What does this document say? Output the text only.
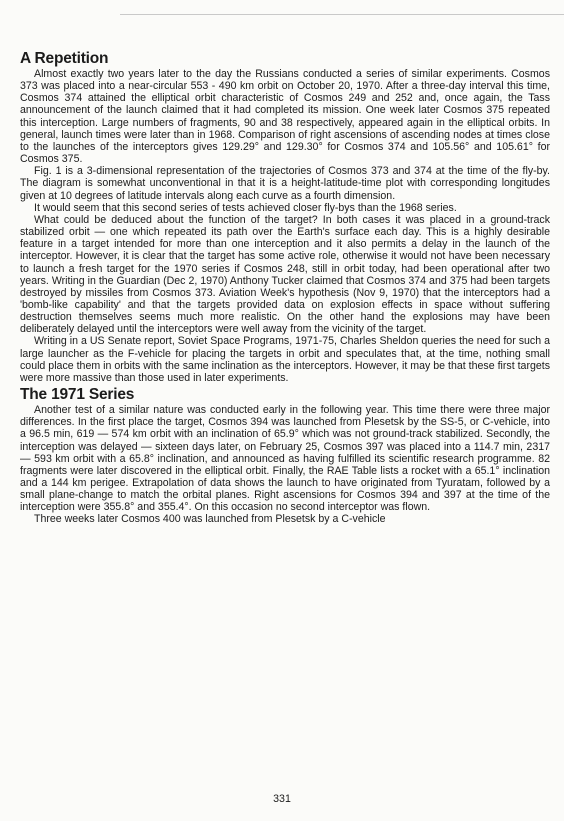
A Repetition

Almost exactly two years later to the day the Russians conducted a series of similar experiments. Cosmos 373 was placed into a near-circular 553 - 490 km orbit on October 20, 1970. After a three-day interval this time, Cosmos 374 attained the elliptical orbit characteristic of Cosmos 249 and 252 and, once again, the Tass announcement of the launch claimed that it had completed its mission. One week later Cosmos 375 repeated this interception. Large numbers of fragments, 90 and 38 respectively, appeared again in the elliptical orbits. In general, launch times were later than in 1968. Comparison of right ascensions of ascending nodes at times close to the launches of the interceptors gives 129.29° and 129.30° for Cosmos 374 and 105.56° and 105.61° for Cosmos 375.

Fig. 1 is a 3-dimensional representation of the trajectories of Cosmos 373 and 374 at the time of the fly-by. The diagram is somewhat unconventional in that it is a height-latitude-time plot with corresponding longitudes given at 10 degrees of latitude intervals along each curve as a fourth dimension.

It would seem that this second series of tests achieved closer fly-bys than the 1968 series.

What could be deduced about the function of the target? In both cases it was placed in a ground-track stabilized orbit — one which repeated its path over the Earth's surface each day. This is a highly desirable feature in a target intended for more than one interception and it also permits a delay in the launch of the interceptor. However, it is clear that the target has some active role, otherwise it would not have been necessary to launch a fresh target for the 1970 series if Cosmos 248, still in orbit today, had been operational after two years. Writing in the Guardian (Dec 2, 1970) Anthony Tucker claimed that Cosmos 374 and 375 had been targets destroyed by missiles from Cosmos 373. Aviation Week's hypothesis (Nov 9, 1970) that the interceptors had a 'bomb-like capability' and that the targets provided data on explosion effects in space without suffering destruction themselves seems much more realistic. On the other hand the explosions may have been deliberately delayed until the interceptors were well away from the vicinity of the target.

Writing in a US Senate report, Soviet Space Programs, 1971-75, Charles Sheldon queries the need for such a large launcher as the F-vehicle for placing the targets in orbit and speculates that, at the time, nothing small could place them in orbits with the same inclination as the interceptors. However, it may be that these first targets were more massive than those used in later experiments.

The 1971 Series

Another test of a similar nature was conducted early in the following year. This time there were three major differences. In the first place the target, Cosmos 394 was launched from Plesetsk by the SS-5, or C-vehicle, into a 96.5 min, 619 — 574 km orbit with an inclination of 65.9° which was not ground-track stabilized. Secondly, the interception was delayed — sixteen days later, on February 25, Cosmos 397 was placed into a 114.7 min, 2317 — 593 km orbit with a 65.8° inclination, and announced as having fulfilled its scientific research programme. 82 fragments were later discovered in the elliptical orbit. Finally, the RAE Table lists a rocket with a 65.1° inclination and a 144 km perigee. Extrapolation of data shows the launch to have originated from Tyuratam, followed by a small plane-change to match the orbital planes. Right ascensions for Cosmos 394 and 397 at the time of the interception were 355.8° and 355.4°. On this occasion no second interceptor was flown.

Three weeks later Cosmos 400 was launched from Plesetsk by a C-vehicle

331
